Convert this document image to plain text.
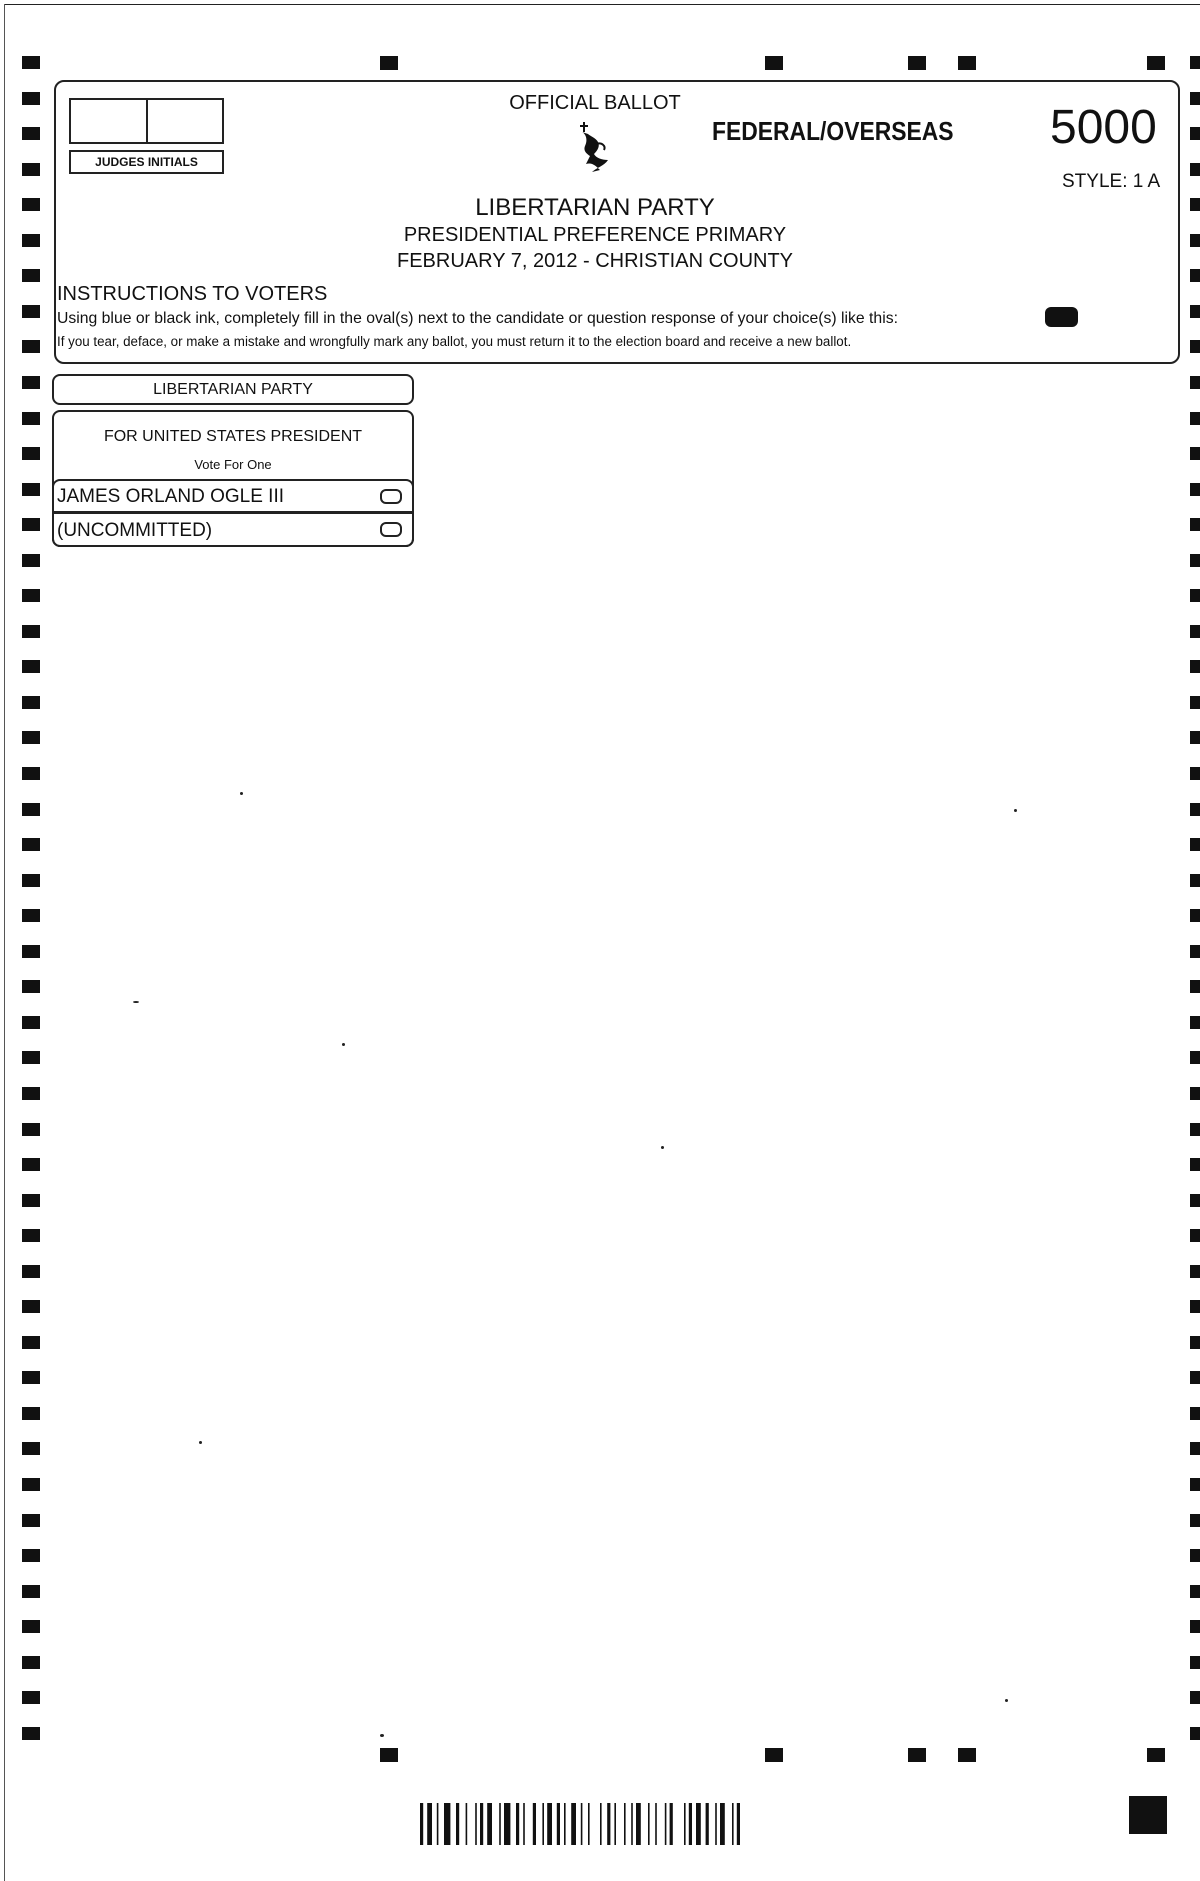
JUDGES INITIALS
OFFICIAL BALLOT
FEDERAL/OVERSEAS 5000
STYLE: 1 A
LIBERTARIAN PARTY
PRESIDENTIAL PREFERENCE PRIMARY
FEBRUARY 7, 2012 - CHRISTIAN COUNTY
INSTRUCTIONS TO VOTERS
Using blue or black ink, completely fill in the oval(s) next to the candidate or question response of your choice(s) like this:
If you tear, deface, or make a mistake and wrongfully mark any ballot, you must return it to the election board and receive a new ballot.
LIBERTARIAN PARTY
FOR UNITED STATES PRESIDENT
Vote For One
JAMES ORLAND OGLE III
(UNCOMMITTED)
